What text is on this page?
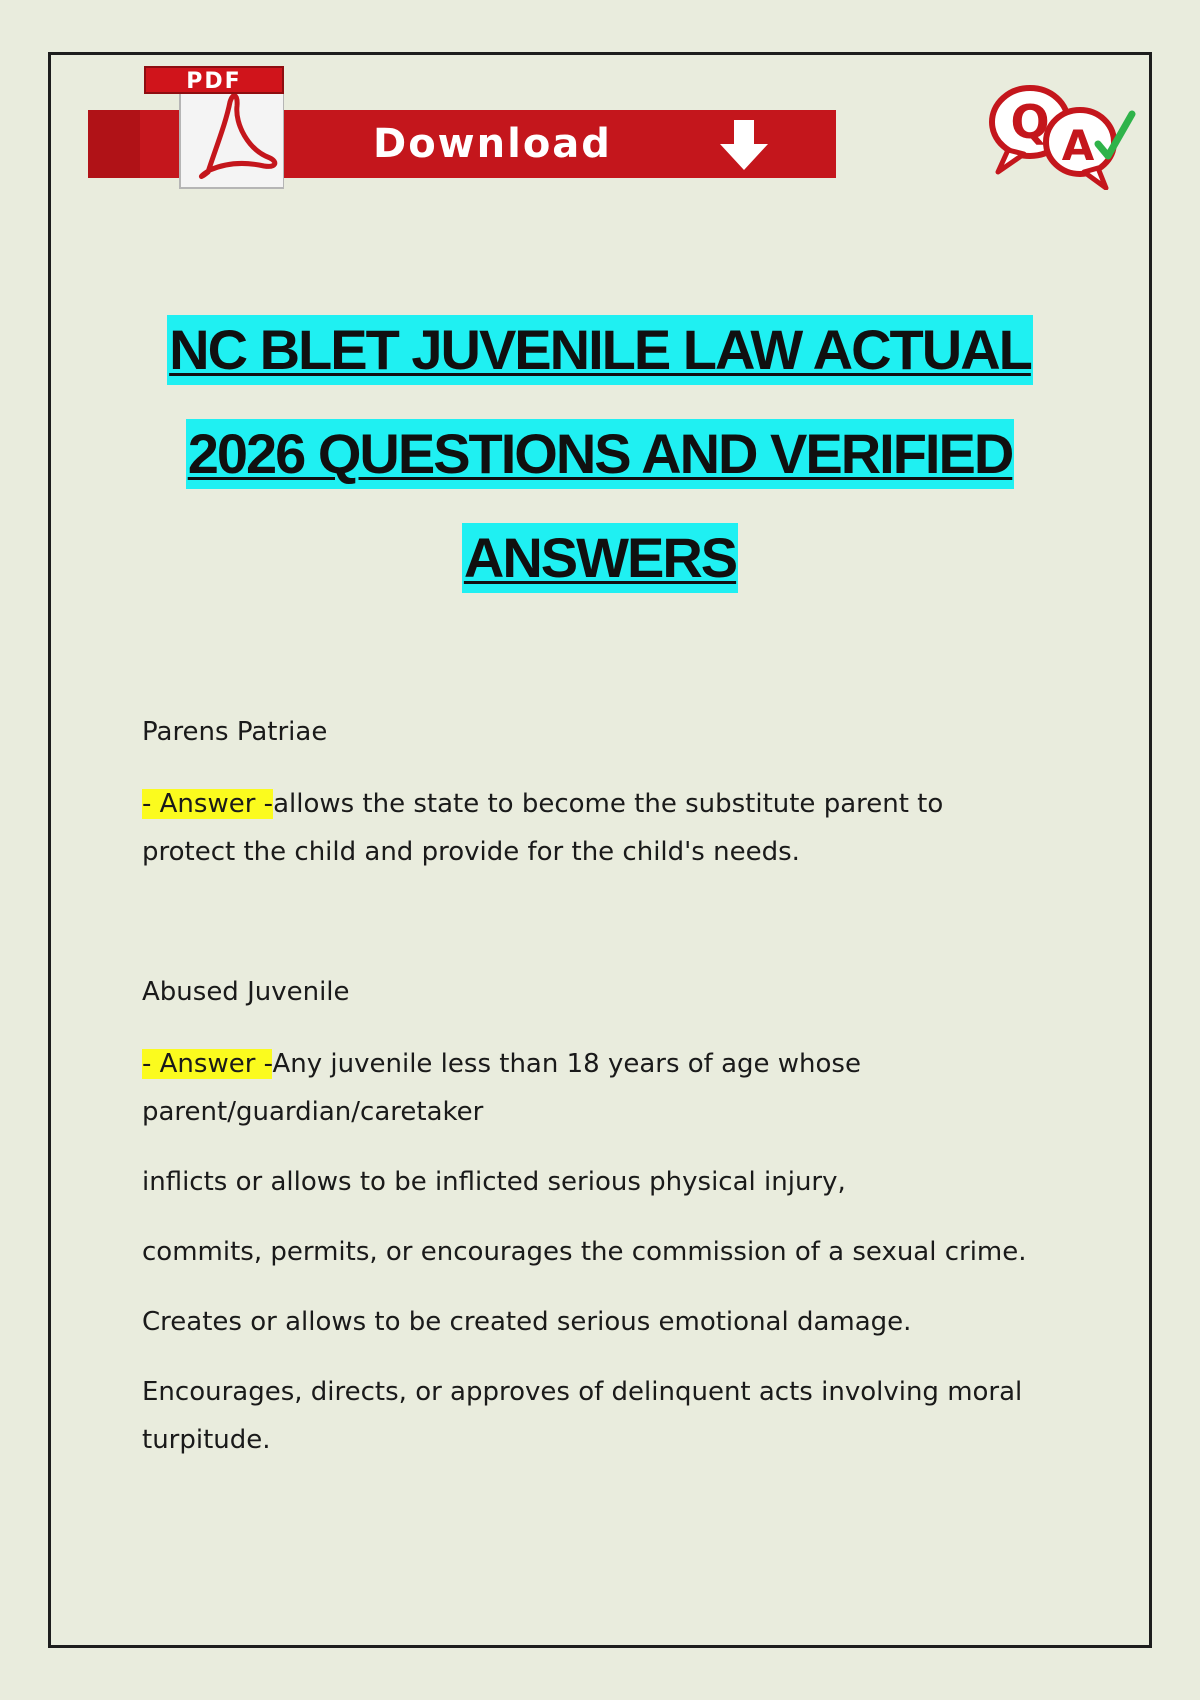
PDF
Download	Q A
NC BLET JUVENILE LAW ACTUAL
2026 QUESTIONS AND VERIFIED
ANSWERS

Parens Patriae

- Answer -allows the state to become the substitute parent to protect the child and provide for the child's needs.

Abused Juvenile

- Answer -Any juvenile less than 18 years of age whose parent/guardian/caretaker

inflicts or allows to be inflicted serious physical injury,

commits, permits, or encourages the commission of a sexual crime.

Creates or allows to be created serious emotional damage.

Encourages, directs, or approves of delinquent acts involving moral turpitude.
